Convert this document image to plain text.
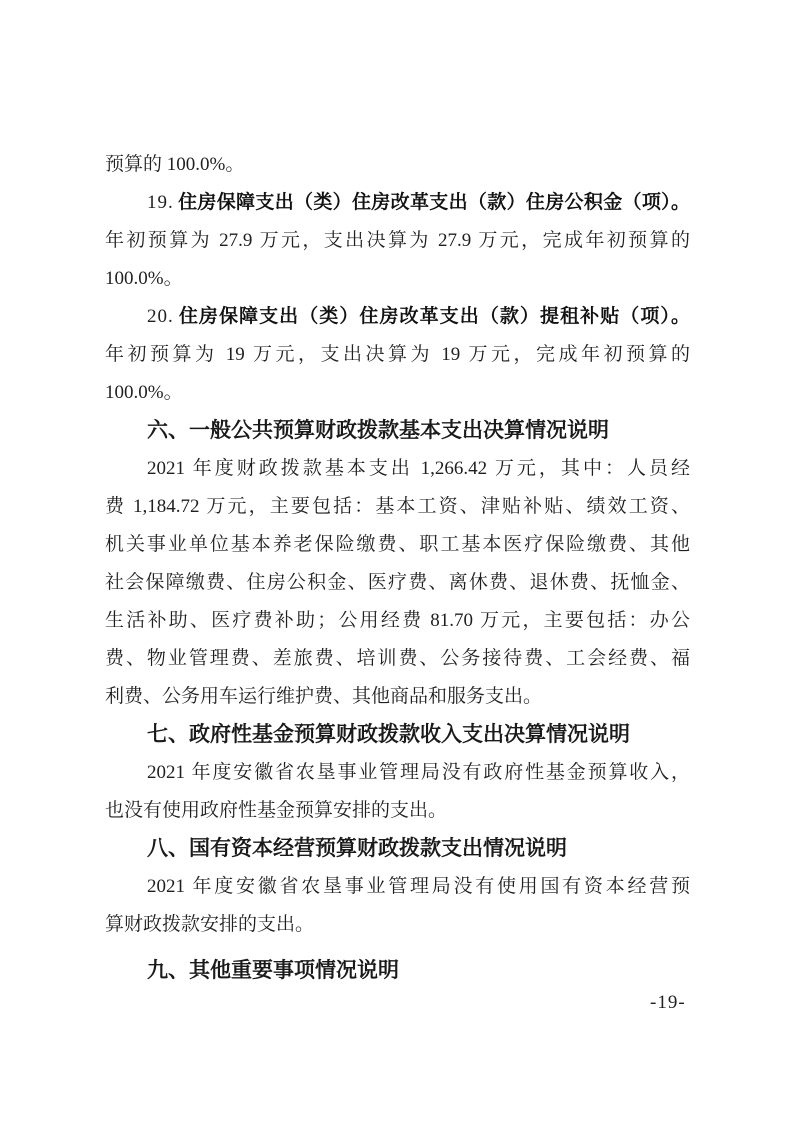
预算的 100.0%。
19. 住房保障支出（类）住房改革支出（款）住房公积金（项）。
年初预算为 27.9 万元，支出决算为 27.9 万元，完成年初预算的
100.0%。
20. 住房保障支出（类）住房改革支出（款）提租补贴（项）。
年初预算为 19 万元，支出决算为 19 万元，完成年初预算的
100.0%。
六、一般公共预算财政拨款基本支出决算情况说明
2021 年度财政拨款基本支出 1,266.42 万元，其中：人员经
费 1,184.72 万元，主要包括：基本工资、津贴补贴、绩效工资、
机关事业单位基本养老保险缴费、职工基本医疗保险缴费、其他
社会保障缴费、住房公积金、医疗费、离休费、退休费、抚恤金、
生活补助、医疗费补助；公用经费 81.70 万元，主要包括：办公
费、物业管理费、差旅费、培训费、公务接待费、工会经费、福
利费、公务用车运行维护费、其他商品和服务支出。
七、政府性基金预算财政拨款收入支出决算情况说明
2021 年度安徽省农垦事业管理局没有政府性基金预算收入，
也没有使用政府性基金预算安排的支出。
八、国有资本经营预算财政拨款支出情况说明
2021 年度安徽省农垦事业管理局没有使用国有资本经营预
算财政拨款安排的支出。
九、其他重要事项情况说明
-19-
